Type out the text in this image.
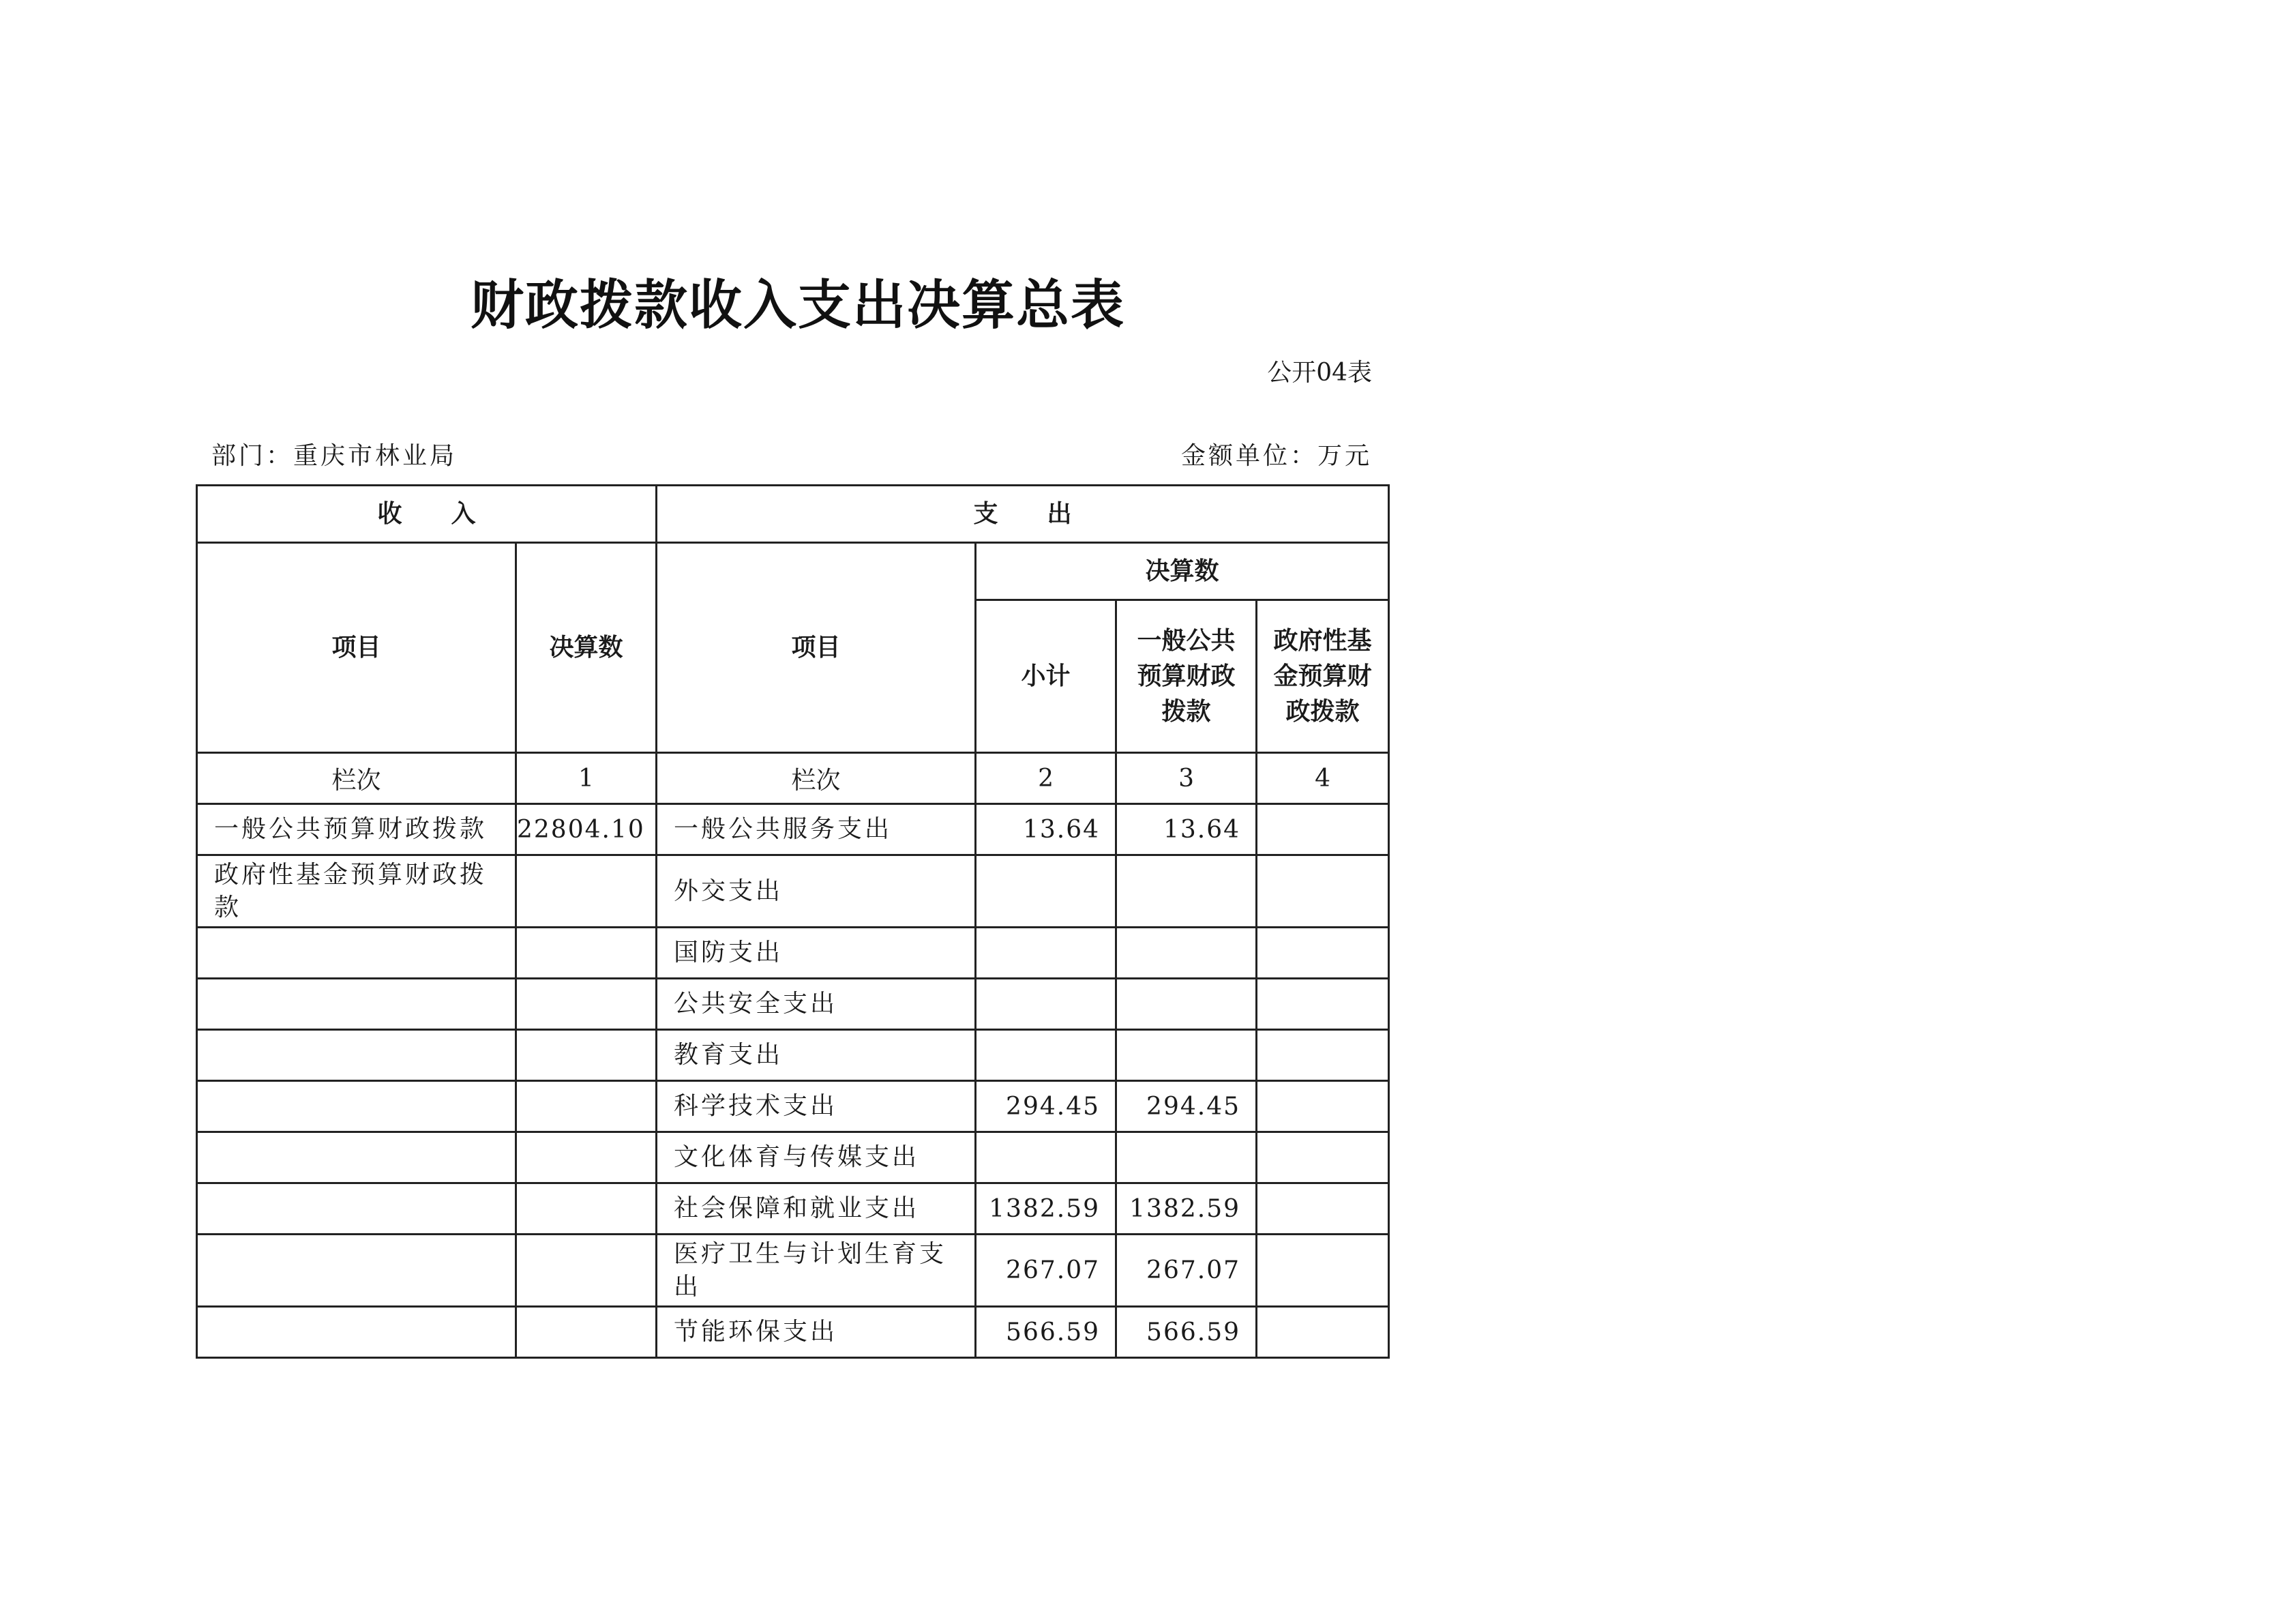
财政拨款收入支出决算总表
公开04表
部门：重庆市林业局	金额单位：万元
收　　入		支　　出			
项目	决算数	项目	决算数		
			小计	一般公共预算财政拨款	政府性基金预算财政拨款
栏次	1	栏次	2	3	4
一般公共预算财政拨款	22804.10	一般公共服务支出	13.64	13.64	
政府性基金预算财政拨款		外交支出			
		国防支出			
		公共安全支出			
		教育支出			
		科学技术支出	294.45	294.45	
		文化体育与传媒支出			
		社会保障和就业支出	1382.59	1382.59	
		医疗卫生与计划生育支出	267.07	267.07	
		节能环保支出	566.59	566.59	
